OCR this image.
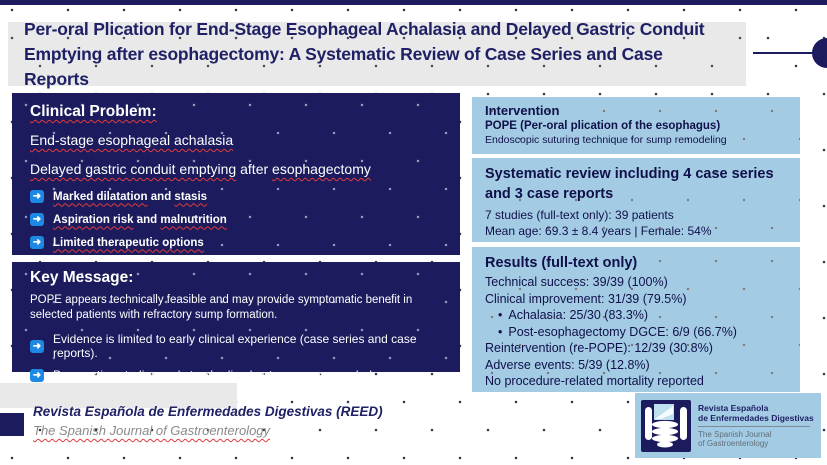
Per-oral Plication for End-Stage Esophageal Achalasia and Delayed Gastric Conduit
Emptying after esophagectomy: A Systematic Review of Case Series and Case Reports
Clinical Problem:
End-stage esophageal achalasia
Delayed gastric conduit emptying after esophagectomy
➜ Marked dilatation and stasis
➜ Aspiration risk and malnutrition
➜ Limited therapeutic options
Key Message:
POPE appears technically feasible and may provide symptomatic benefit in selected patients with refractory sump formation.
➜ Evidence is limited to early clinical experience (case series and case reports).
➜ Prospective studies and standardized outcomes are needed.
Intervention
POPE (Per-oral plication of the esophagus)
Endoscopic suturing technique for sump remodeling
Systematic review including 4 case series and 3 case reports
7 studies (full-text only): 39 patients
Mean age: 69.3 ± 8.4 years | Female: 54%
Results (full-text only)
Technical success: 39/39 (100%)
Clinical improvement: 31/39 (79.5%)
• Achalasia: 25/30 (83.3%)
• Post-esophagectomy DGCE: 6/9 (66.7%)
Reintervention (re-POPE): 12/39 (30.8%)
Adverse events: 5/39 (12.8%)
No procedure-related mortality reported
Revista Española de Enfermedades Digestivas (REED)
The Spanish Journal of Gastroenterology
Revista Española
de Enfermedades Digestivas
The Spanish Journal
of Gastroenterology
